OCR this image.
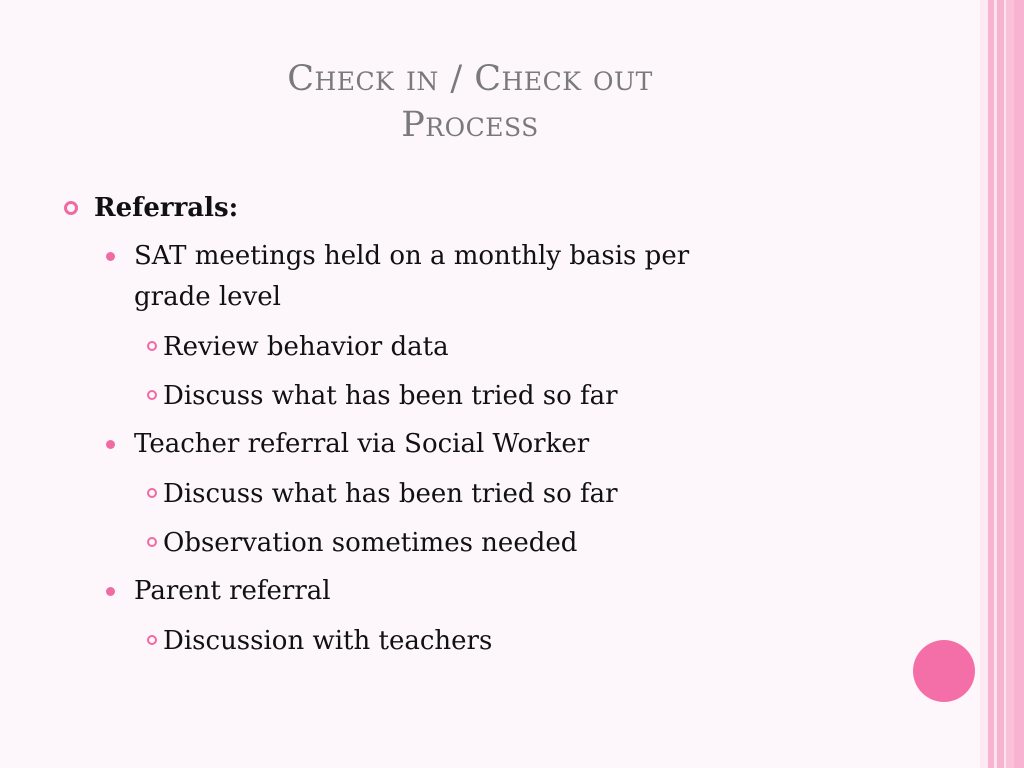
Check in / Check out
Process
Referrals:
SAT meetings held on a monthly basis per
grade level
Review behavior data
Discuss what has been tried so far
Teacher referral via Social Worker
Discuss what has been tried so far
Observation sometimes needed
Parent referral
Discussion with teachers
